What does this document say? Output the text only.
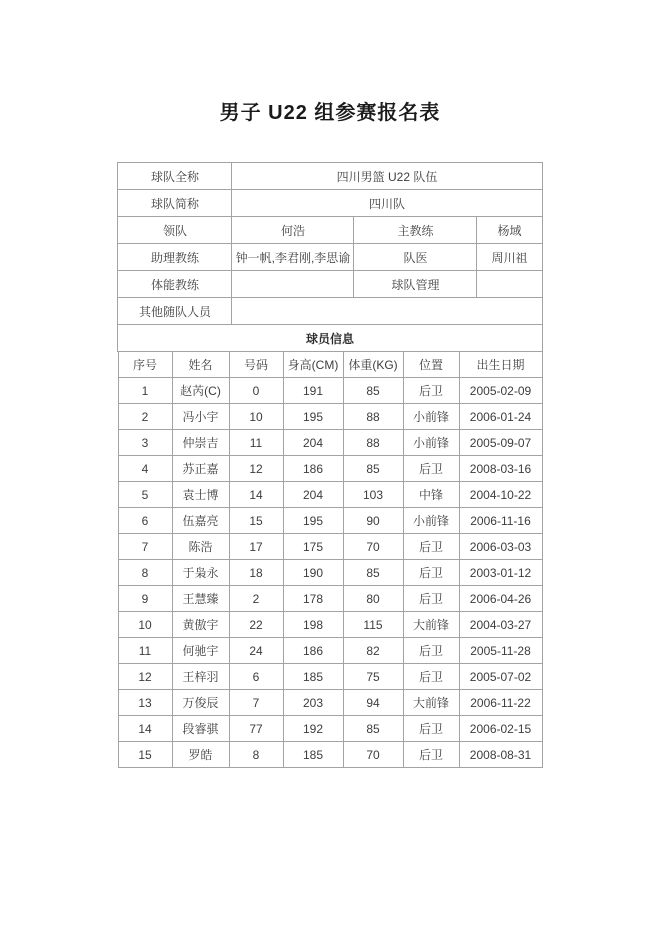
男子 U22 组参赛报名表
球队全称	四川男篮 U22 队伍		
球队简称	四川队		
领队	何浩	主教练	杨域
助理教练	钟一帆,李君刚,李思谕	队医	周川祖
体能教练		球队管理	
其他随队人员			
球员信息			
序号	姓名	号码	身高(CM)	体重(KG)	位置	出生日期
1	赵芮(C)	0	191	85	后卫	2005-02-09
2	冯小宇	10	195	88	小前锋	2006-01-24
3	仲崇吉	11	204	88	小前锋	2005-09-07
4	苏正嘉	12	186	85	后卫	2008-03-16
5	袁士博	14	204	103	中锋	2004-10-22
6	伍嘉亮	15	195	90	小前锋	2006-11-16
7	陈浩	17	175	70	后卫	2006-03-03
8	于枭永	18	190	85	后卫	2003-01-12
9	王慧臻	2	178	80	后卫	2006-04-26
10	黄傲宇	22	198	115	大前锋	2004-03-27
11	何驰宇	24	186	82	后卫	2005-11-28
12	王梓羽	6	185	75	后卫	2005-07-02
13	万俊辰	7	203	94	大前锋	2006-11-22
14	段睿骐	77	192	85	后卫	2006-02-15
15	罗皓	8	185	70	后卫	2008-08-31
